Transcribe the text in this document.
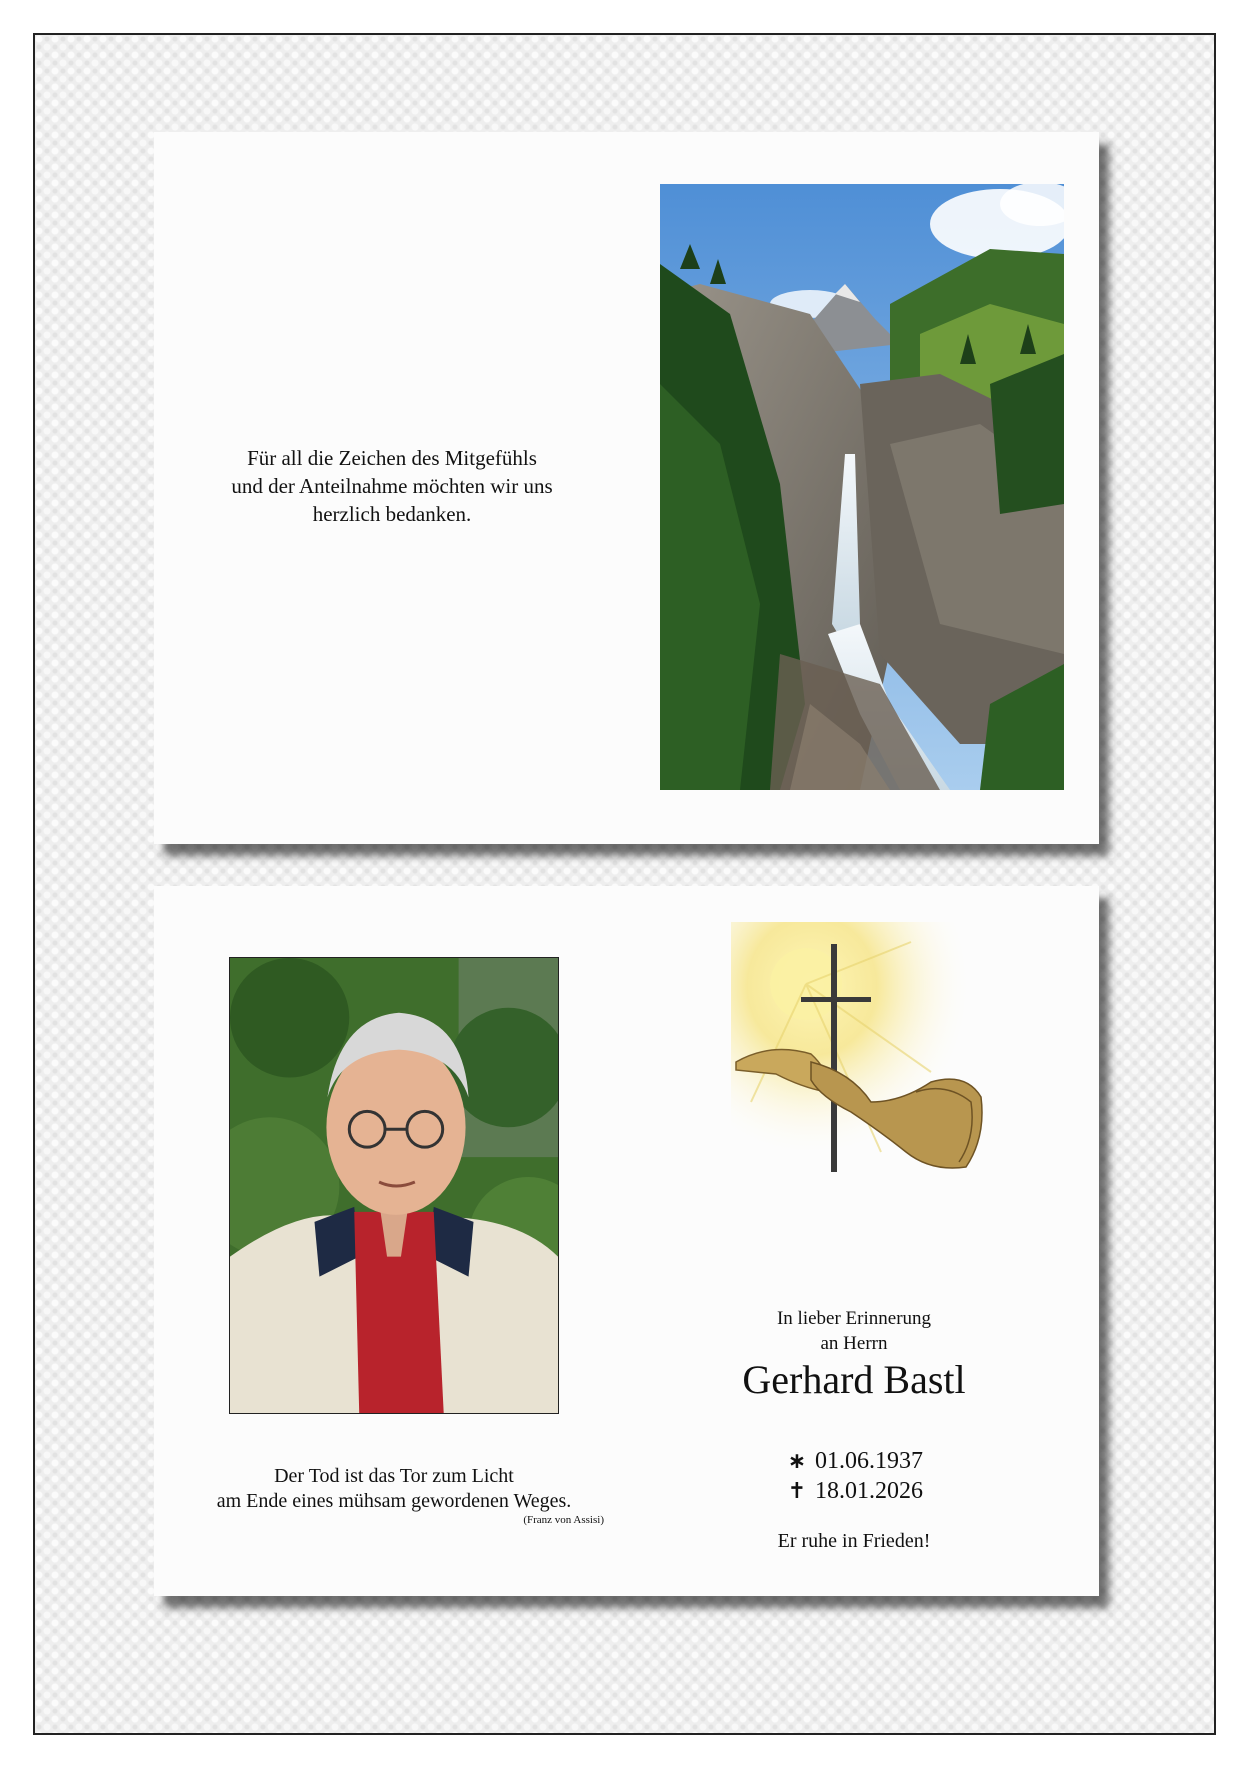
Für all die Zeichen des Mitgefühls
und der Anteilnahme möchten wir uns
herzlich bedanken.

Der Tod ist das Tor zum Licht
am Ende eines mühsam gewordenen Weges.

(Franz von Assisi)

In lieber Erinnerung
an Herrn

Gerhard Bastl

∗ 01.06.1937

✝ 18.01.2026

Er ruhe in Frieden!
